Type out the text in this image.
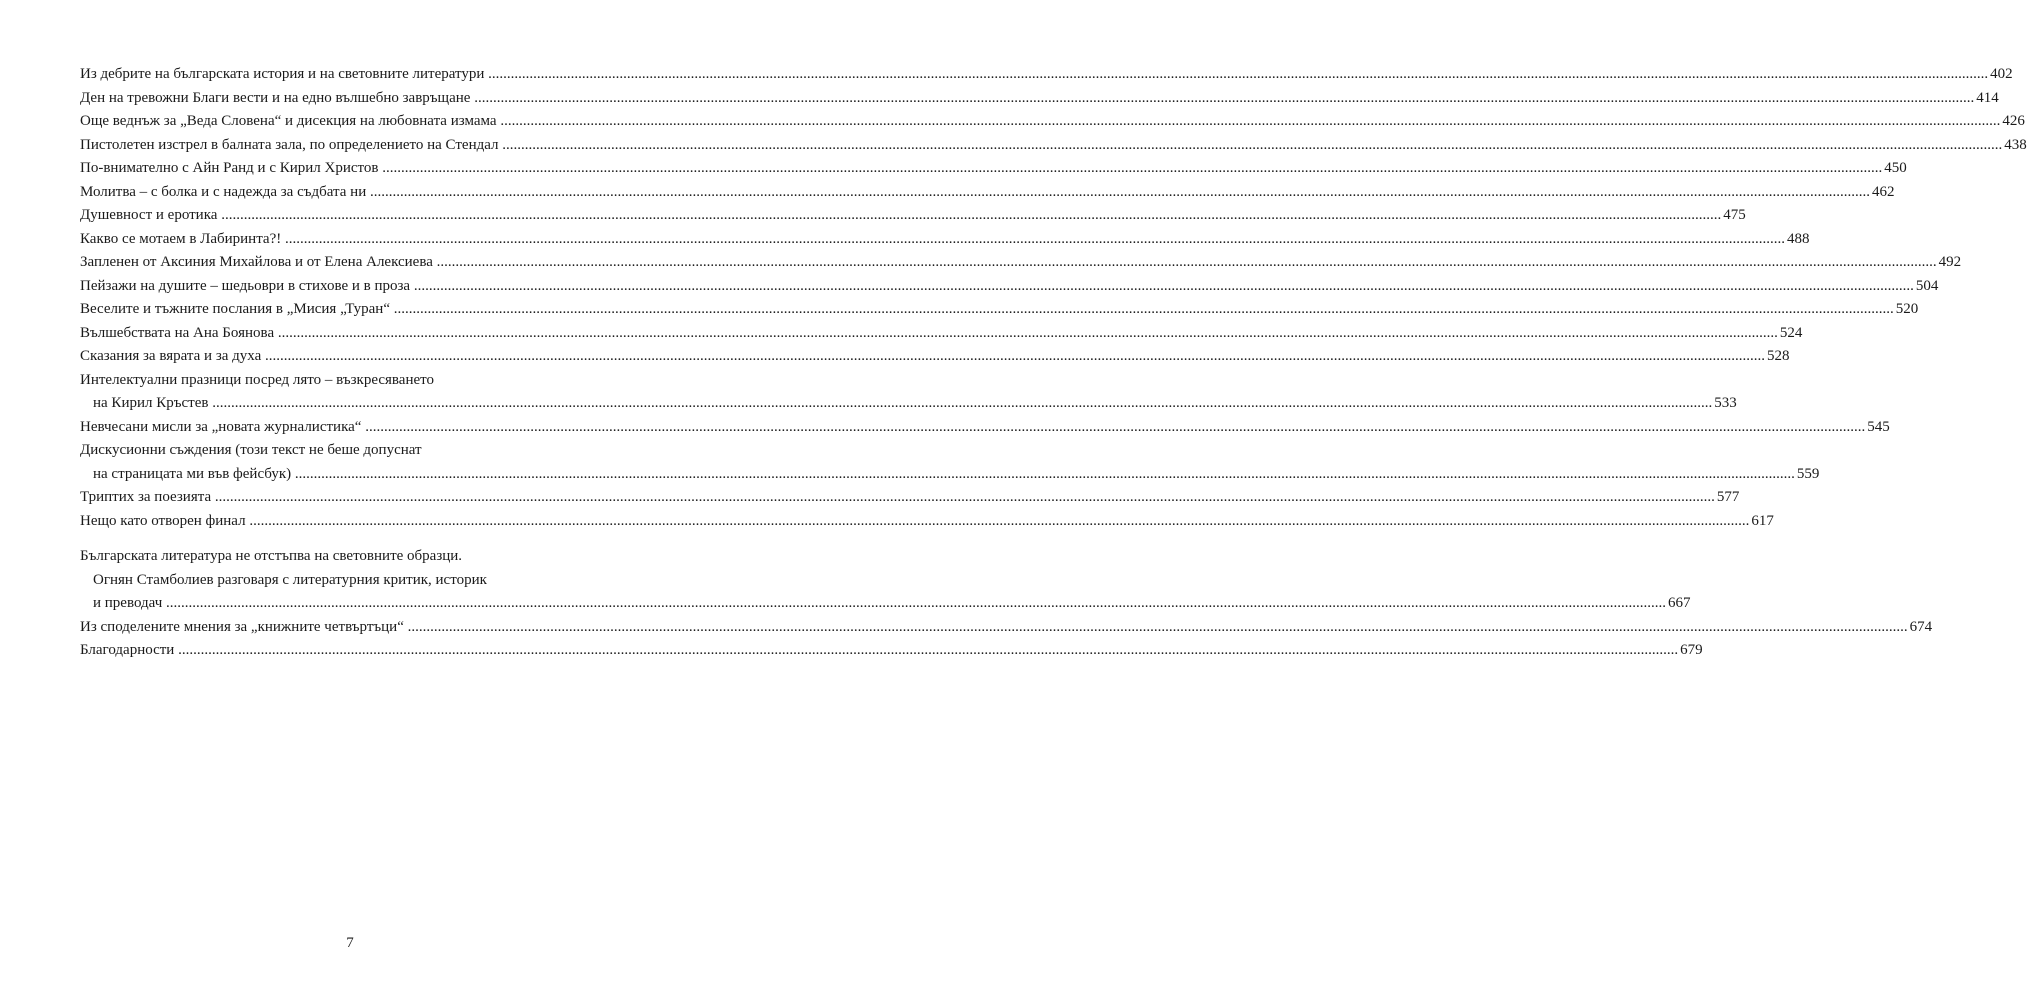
Из дебрите на българската история и на световните литератури ................................................................................................................................................................................................................................................................................................................................................................................................................ 402
Ден на тревожни Благи вести и на едно вълшебно завръщане ................................................................................................................................................................................................................................................................................................................................................................................................................ 414
Още веднъж за „Веда Словена“ и дисекция на любовната измама ................................................................................................................................................................................................................................................................................................................................................................................................................ 426
Пистолетен изстрел в балната зала, по определението на Стендал ................................................................................................................................................................................................................................................................................................................................................................................................................ 438
По-внимателно с Айн Ранд и с Кирил Христов ................................................................................................................................................................................................................................................................................................................................................................................................................ 450
Молитва – с болка и с надежда за съдбата ни ................................................................................................................................................................................................................................................................................................................................................................................................................ 462
Душевност и еротика ................................................................................................................................................................................................................................................................................................................................................................................................................ 475
Какво се мотаем в Лабиринта?! ................................................................................................................................................................................................................................................................................................................................................................................................................ 488
Запленен от Аксиния Михайлова и от Елена Алексиева ................................................................................................................................................................................................................................................................................................................................................................................................................ 492
Пейзажи на душите – шедьоври в стихове и в проза ................................................................................................................................................................................................................................................................................................................................................................................................................ 504
Веселите и тъжните послания в „Мисия „Туран“ ................................................................................................................................................................................................................................................................................................................................................................................................................ 520
Вълшебствата на Ана Боянова ................................................................................................................................................................................................................................................................................................................................................................................................................ 524
Сказания за вярата и за духа ................................................................................................................................................................................................................................................................................................................................................................................................................ 528
Интелектуални празници посред лято – възкресяването
на Кирил Кръстев ................................................................................................................................................................................................................................................................................................................................................................................................................ 533
Невчесани мисли за „новата журналистика“ ................................................................................................................................................................................................................................................................................................................................................................................................................ 545
Дискусионни съждения (този текст не беше допуснат
на страницата ми във фейсбук) ................................................................................................................................................................................................................................................................................................................................................................................................................ 559
Триптих за поезията ................................................................................................................................................................................................................................................................................................................................................................................................................ 577
Нещо като отворен финал ................................................................................................................................................................................................................................................................................................................................................................................................................ 617
Българската литература не отстъпва на световните образци.
Огнян Стамболиев разговаря с литературния критик, историк
и преводач ................................................................................................................................................................................................................................................................................................................................................................................................................ 667
Из споделените мнения за „книжните четвъртъци“ ................................................................................................................................................................................................................................................................................................................................................................................................................ 674
Благодарности ................................................................................................................................................................................................................................................................................................................................................................................................................ 679
7
